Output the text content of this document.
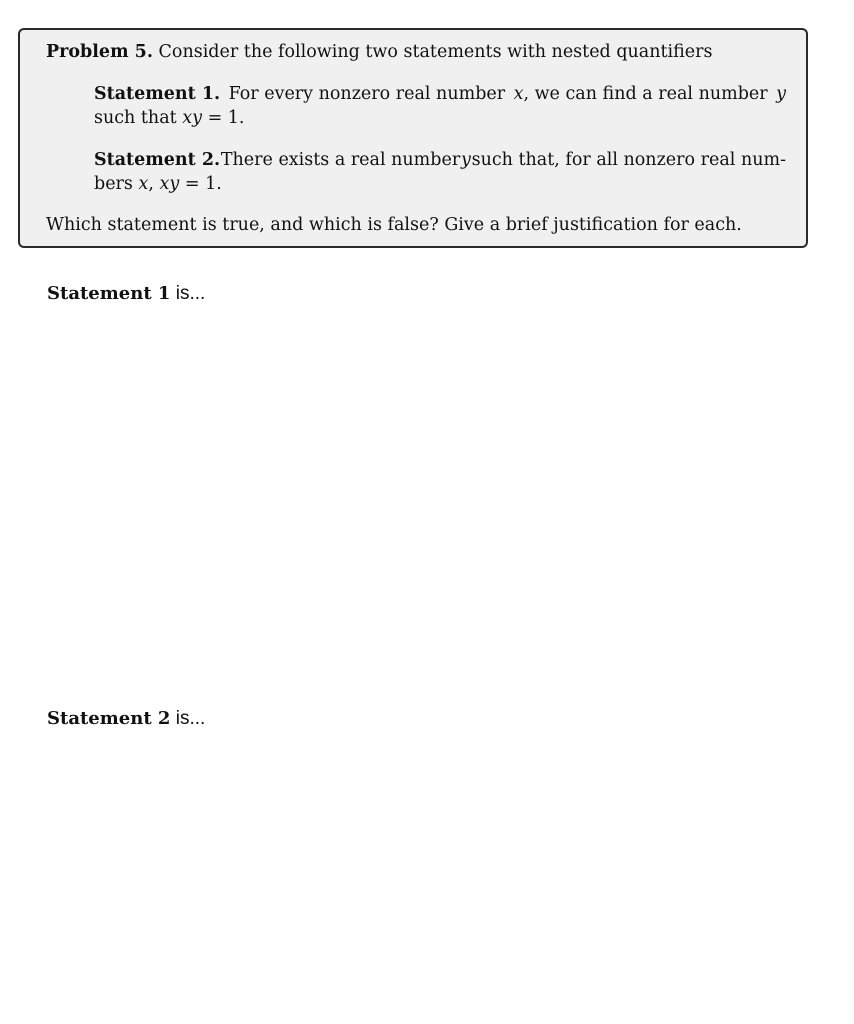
Problem 5. Consider the following two statements with nested quantifiers
Statement 1. For every nonzero real number x, we can find a real number y
such that xy = 1.
Statement 2. There exists a real number y such that, for all nonzero real num-
bers x, xy = 1.
Which statement is true, and which is false? Give a brief justification for each.
Statement 1 is...
Statement 2 is...
